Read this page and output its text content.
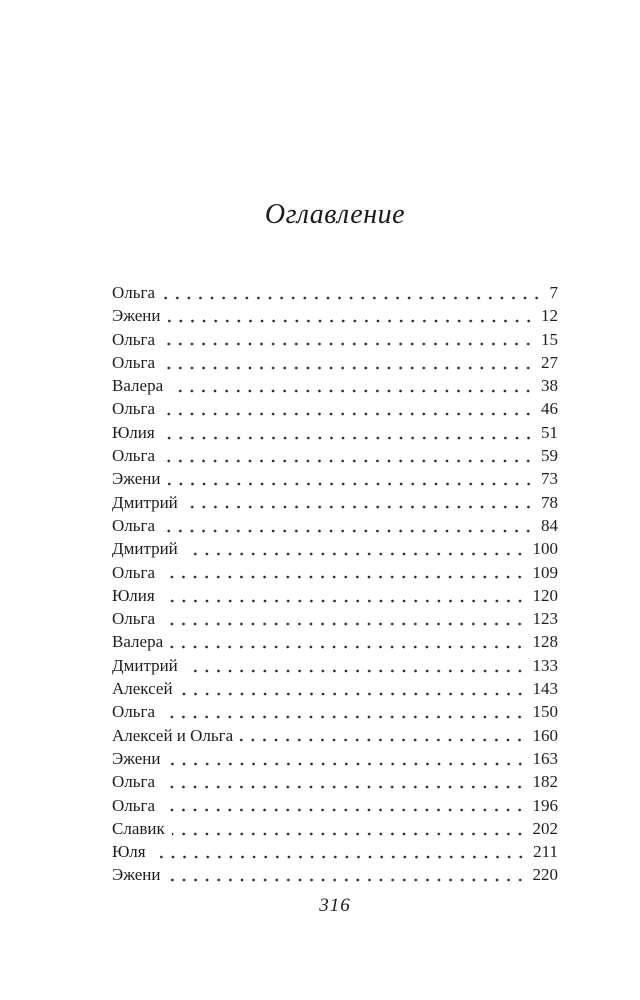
Оглавление
Ольга	7
Эжени	12
Ольга	15
Ольга	27
Валера	38
Ольга	46
Юлия	51
Ольга	59
Эжени	73
Дмитрий	78
Ольга	84
Дмитрий	100
Ольга	109
Юлия	120
Ольга	123
Валера	128
Дмитрий	133
Алексей	143
Ольга	150
Алексей и Ольга	160
Эжени	163
Ольга	182
Ольга	196
Славик	202
Юля	211
Эжени	220
316
